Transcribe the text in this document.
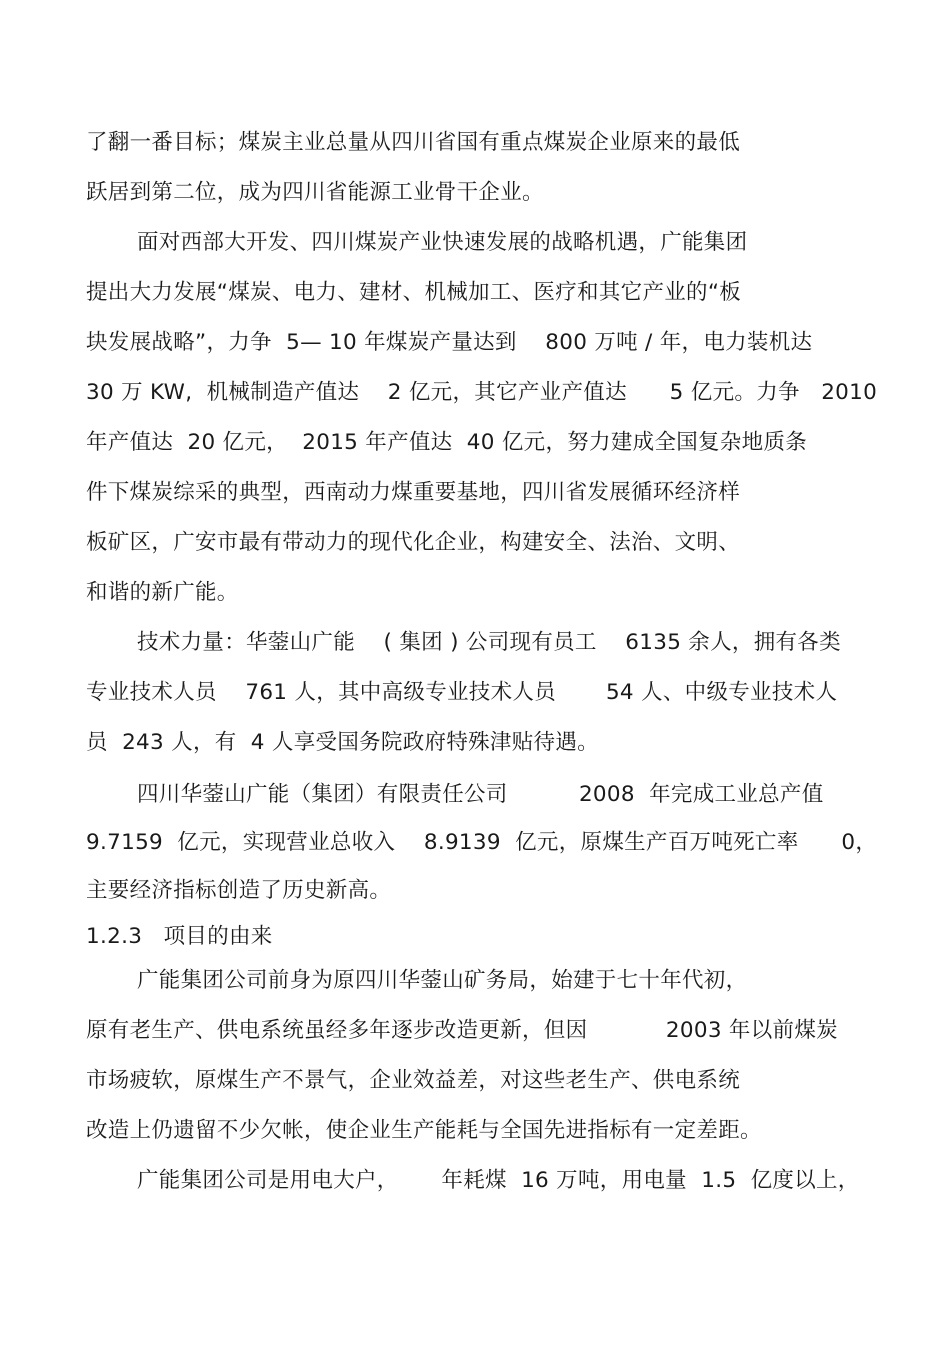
了翻一番目标；煤炭主业总量从四川省国有重点煤炭企业原来的最低
跃居到第二位，成为四川省能源工业骨干企业。
面对西部大开发、四川煤炭产业快速发展的战略机遇，广能集团
提出大力发展“煤炭、电力、建材、机械加工、医疗和其它产业的“板
块发展战略”，力争  5— 10 年煤炭产量达到    800 万吨 / 年，电力装机达
30 万 KW,  机械制造产值达    2 亿元，其它产业产值达      5 亿元。力争   2010
年产值达  20 亿元，  2015 年产值达  40 亿元，努力建成全国复杂地质条
件下煤炭综采的典型，西南动力煤重要基地，四川省发展循环经济样
板矿区，广安市最有带动力的现代化企业，构建安全、法治、文明、
和谐的新广能。
技术力量：华蓥山广能    ( 集团 ) 公司现有员工    6135 余人，拥有各类
专业技术人员    761 人，其中高级专业技术人员       54 人、中级专业技术人
员  243 人，有  4 人享受国务院政府特殊津贴待遇。
四川华蓥山广能（集团）有限责任公司          2008  年完成工业总产值
9.7159  亿元，实现营业总收入    8.9139  亿元，原煤生产百万吨死亡率      0，
主要经济指标创造了历史新高。
1.2.3   项目的由来
广能集团公司前身为原四川华蓥山矿务局，始建于七十年代初，
原有老生产、供电系统虽经多年逐步改造更新，但因           2003 年以前煤炭
市场疲软，原煤生产不景气，企业效益差，对这些老生产、供电系统
改造上仍遗留不少欠帐，使企业生产能耗与全国先进指标有一定差距。
广能集团公司是用电大户，      年耗煤  16 万吨，用电量  1.5  亿度以上，
